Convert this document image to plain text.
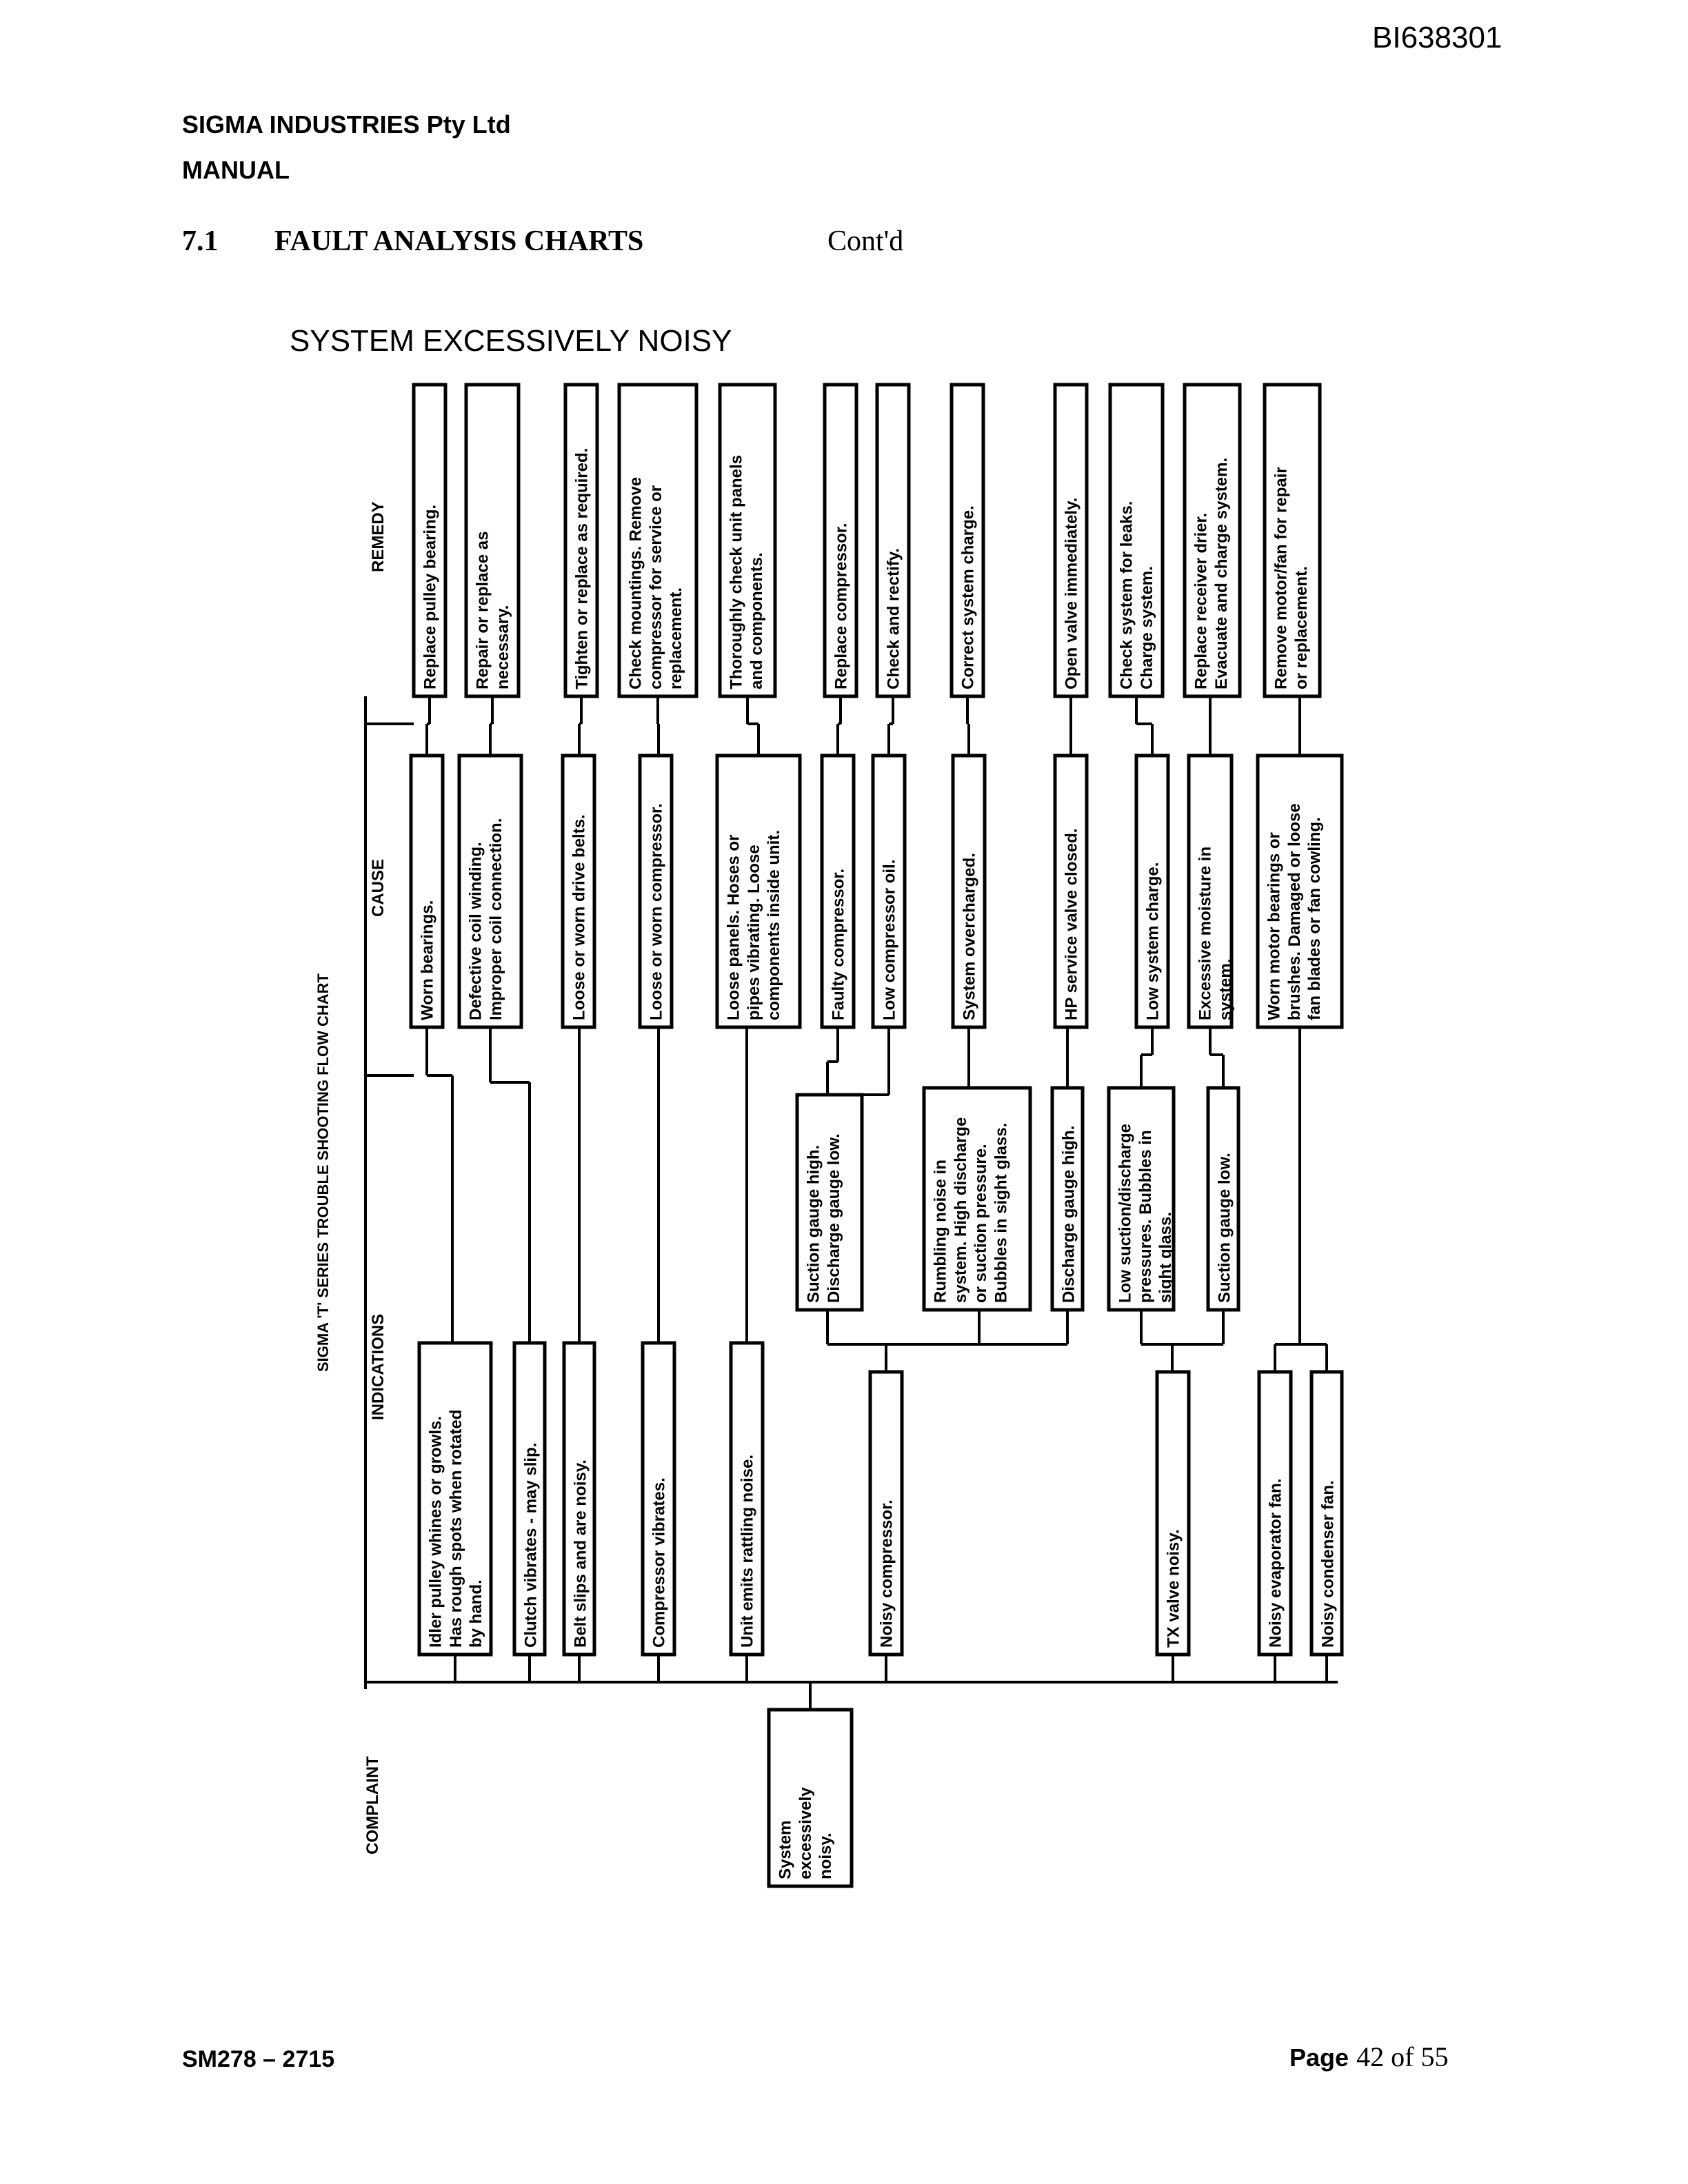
BI638301
SIGMA INDUSTRIES Pty Ltd
MANUAL
7.1 FAULT ANALYSIS CHARTS	Cont'd
SYSTEM EXCESSIVELY NOISY
SIGMA 'T' SERIES TROUBLE SHOOTING FLOW CHART
COMPLAINT
INDICATIONS
CAUSE
REMEDY
System excessively noisy.
Idler pulley whines or growls. Has rough spots when rotated by hand. Clutch vibrates - may slip. Belt slips and are noisy.	Compressor vibrates.	Unit emits rattling noise.	Noisy compressor.	TX valve noisy.	Noisy evaporator fan. Noisy condenser fan.
Suction gauge high. Discharge gauge low.	Rumbling noise in system. High discharge or suction pressure. Bubbles in sight glass.	Discharge gauge high. Low suction/discharge pressures. Bubbles in sight glass. Suction gauge low.
Worn bearings. Defective coil winding. Improper coil connection.	Loose or worn drive belts.	Loose or worn compressor.	Loose panels. Hoses or pipes vibrating. Loose components inside unit.	Faulty compressor. Low compressor oil.	System overcharged.	HP service valve closed.	Low system charge. Excessive moisture in system. Worn motor bearings or brushes. Damaged or loose fan blades or fan cowling.
Replace pulley bearing. Repair or replace as necessary.	Tighten or replace as required. Check mountings. Remove compressor for service or replacement.	Thoroughly check unit panels and components.	Replace compressor. Check and rectify.	Correct system charge.	Open valve immediately. Check system for leaks. Charge system. Replace receiver drier. Evacuate and charge system. Remove motor/fan for repair or replacement.
SM278 – 2715	Page 42 of 55
